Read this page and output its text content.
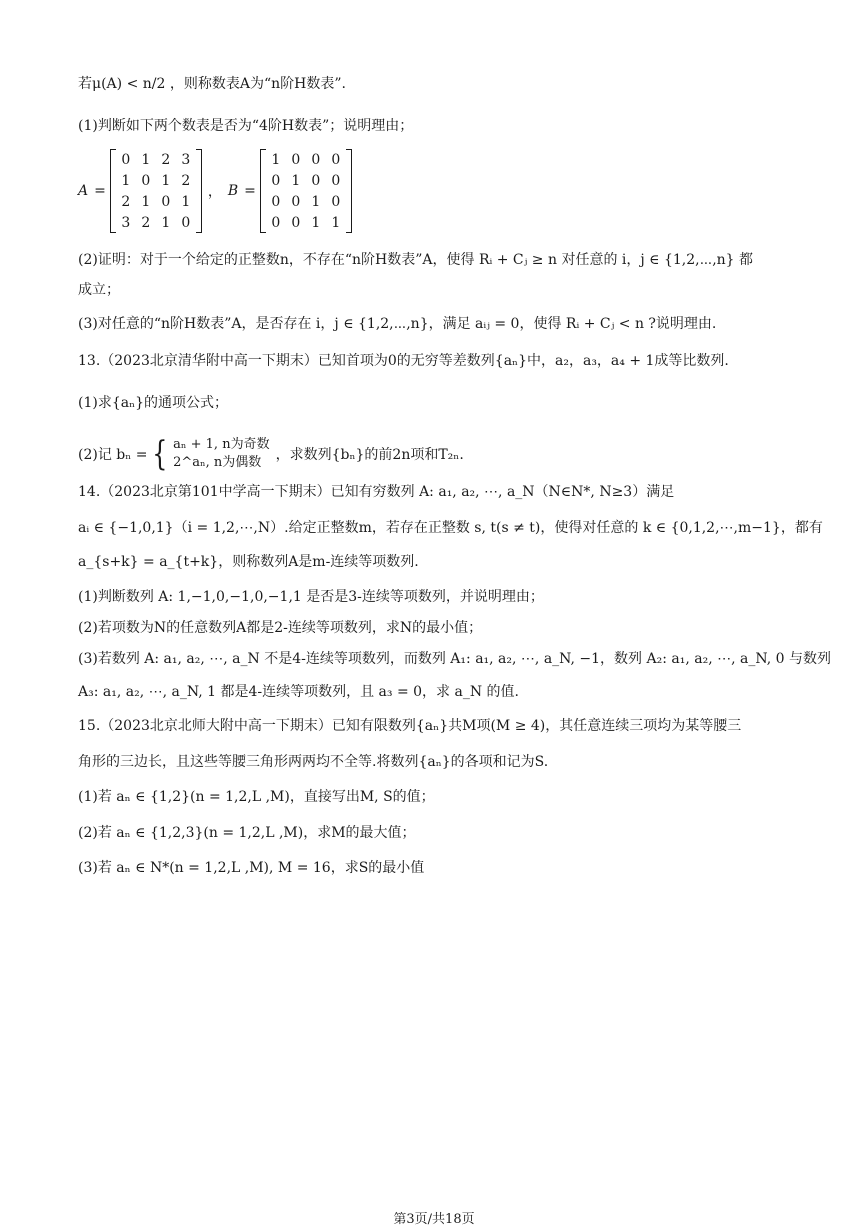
若μ(A) < n/2 ，则称数表A为“n阶H数表”.
(1)判断如下两个数表是否为“4阶H数表”；说明理由；
A =
0	1	2	3
1	0	1	2
2	1	0	1
3	2	1	0
， B =
1	0	0	0
0	1	0	0
0	0	1	0
0	0	1	1
(2)证明：对于一个给定的正整数n，不存在“n阶H数表”A，使得 Rᵢ + Cⱼ ≥ n 对任意的 i，j ∈ {1,2,⋯,n} 都
成立；
(3)对任意的“n阶H数表”A，是否存在 i，j ∈ {1,2,⋯,n}，满足 aᵢⱼ = 0，使得 Rᵢ + Cⱼ < n ?说明理由.
13.（2023北京清华附中高一下期末）已知首项为0的无穷等差数列{aₙ}中，a₂，a₃，a₄ + 1成等比数列.
(1)求{aₙ}的通项公式；
(2)记 bₙ = { aₙ + 1, n为奇数
2^aₙ, n为偶数	，求数列{bₙ}的前2n项和T₂ₙ.
14.（2023北京第101中学高一下期末）已知有穷数列 A: a₁, a₂, ⋯, a_N（N∈N*, N≥3）满足
aᵢ ∈ {−1,0,1}（i = 1,2,⋯,N）.给定正整数m，若存在正整数 s, t(s ≠ t)，使得对任意的 k ∈ {0,1,2,⋯,m−1}，都有
a_{s+k} = a_{t+k}，则称数列A是m-连续等项数列.
(1)判断数列 A: 1,−1,0,−1,0,−1,1 是否是3-连续等项数列，并说明理由；
(2)若项数为N的任意数列A都是2-连续等项数列，求N的最小值；
(3)若数列 A: a₁, a₂, ⋯, a_N 不是4-连续等项数列，而数列 A₁: a₁, a₂, ⋯, a_N, −1，数列 A₂: a₁, a₂, ⋯, a_N, 0 与数列
A₃: a₁, a₂, ⋯, a_N, 1 都是4-连续等项数列，且 a₃ = 0，求 a_N 的值.
15.（2023北京北师大附中高一下期末）已知有限数列{aₙ}共M项(M ≥ 4)，其任意连续三项均为某等腰三
角形的三边长，且这些等腰三角形两两均不全等.将数列{aₙ}的各项和记为S.
(1)若 aₙ ∈ {1,2}(n = 1,2,L ,M)，直接写出M, S的值；
(2)若 aₙ ∈ {1,2,3}(n = 1,2,L ,M)，求M的最大值；
(3)若 aₙ ∈ N*(n = 1,2,L ,M), M = 16，求S的最小值
第3页/共18页
